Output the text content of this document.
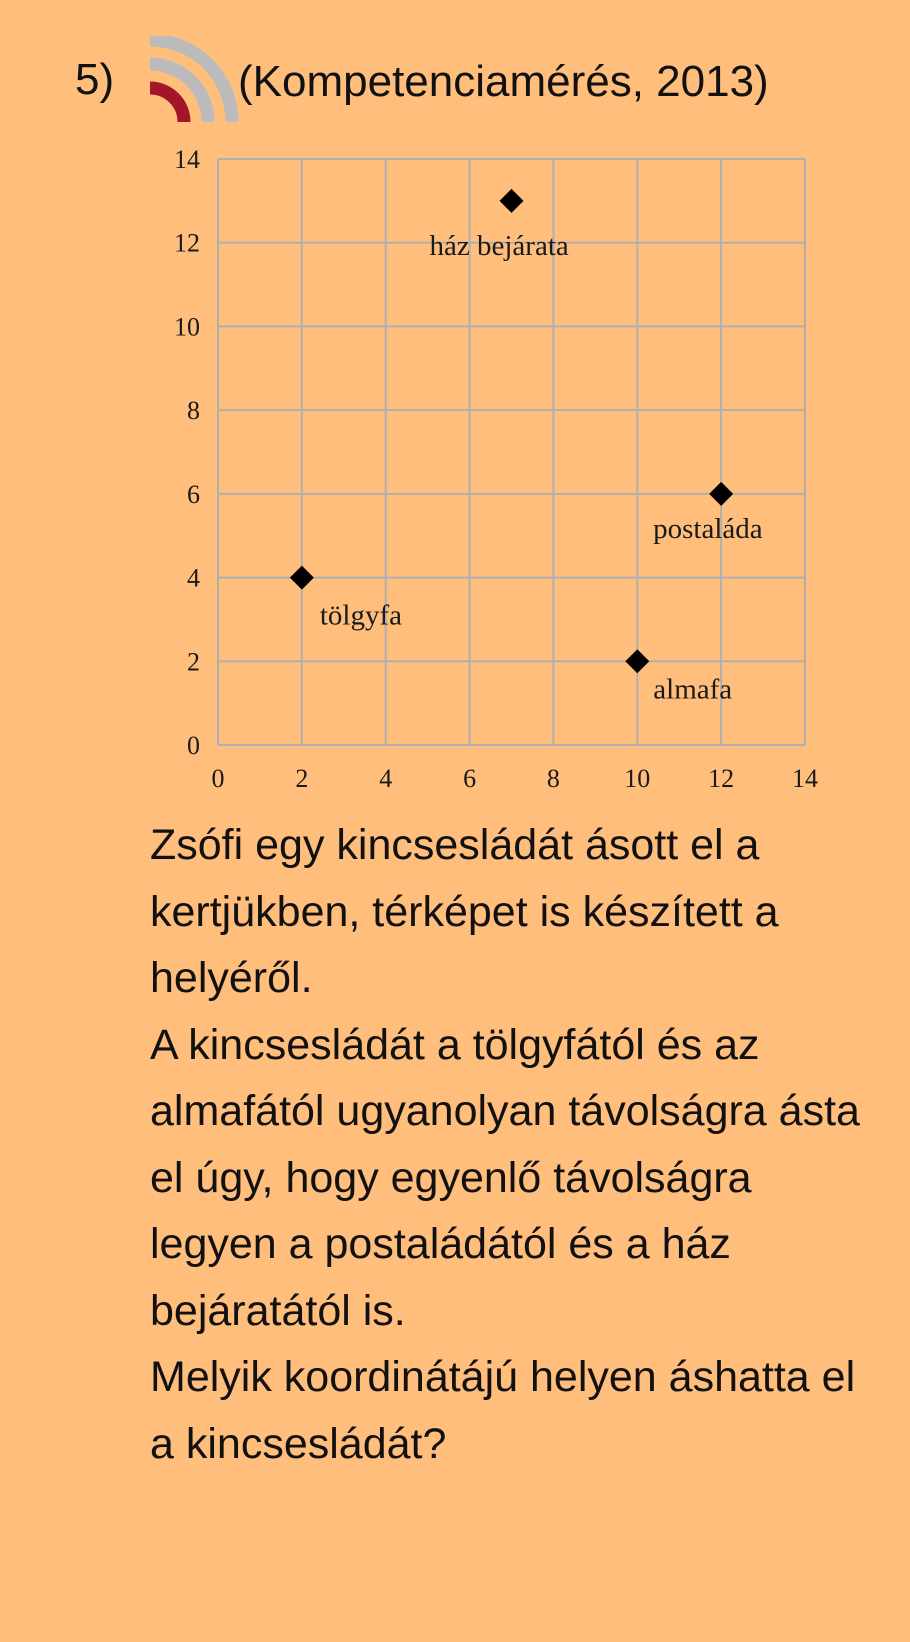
5)	(Kompetenciamérés, 2013)
0	2	4	6	8 10 12 14
0
2
4
6
8
10
12
14
ház bejárata
postaláda
tölgyfa
almafa

Zsófi egy kincsesládát ásott el a kertjükben, térképet is készített a helyéről.

A kincsesládát a tölgyfától és az almafától ugyanolyan távolságra ásta el úgy, hogy egyenlő távolságra legyen a postaládától és a ház bejáratától is.

Melyik koordinátájú helyen áshatta el a kincsesládát?
